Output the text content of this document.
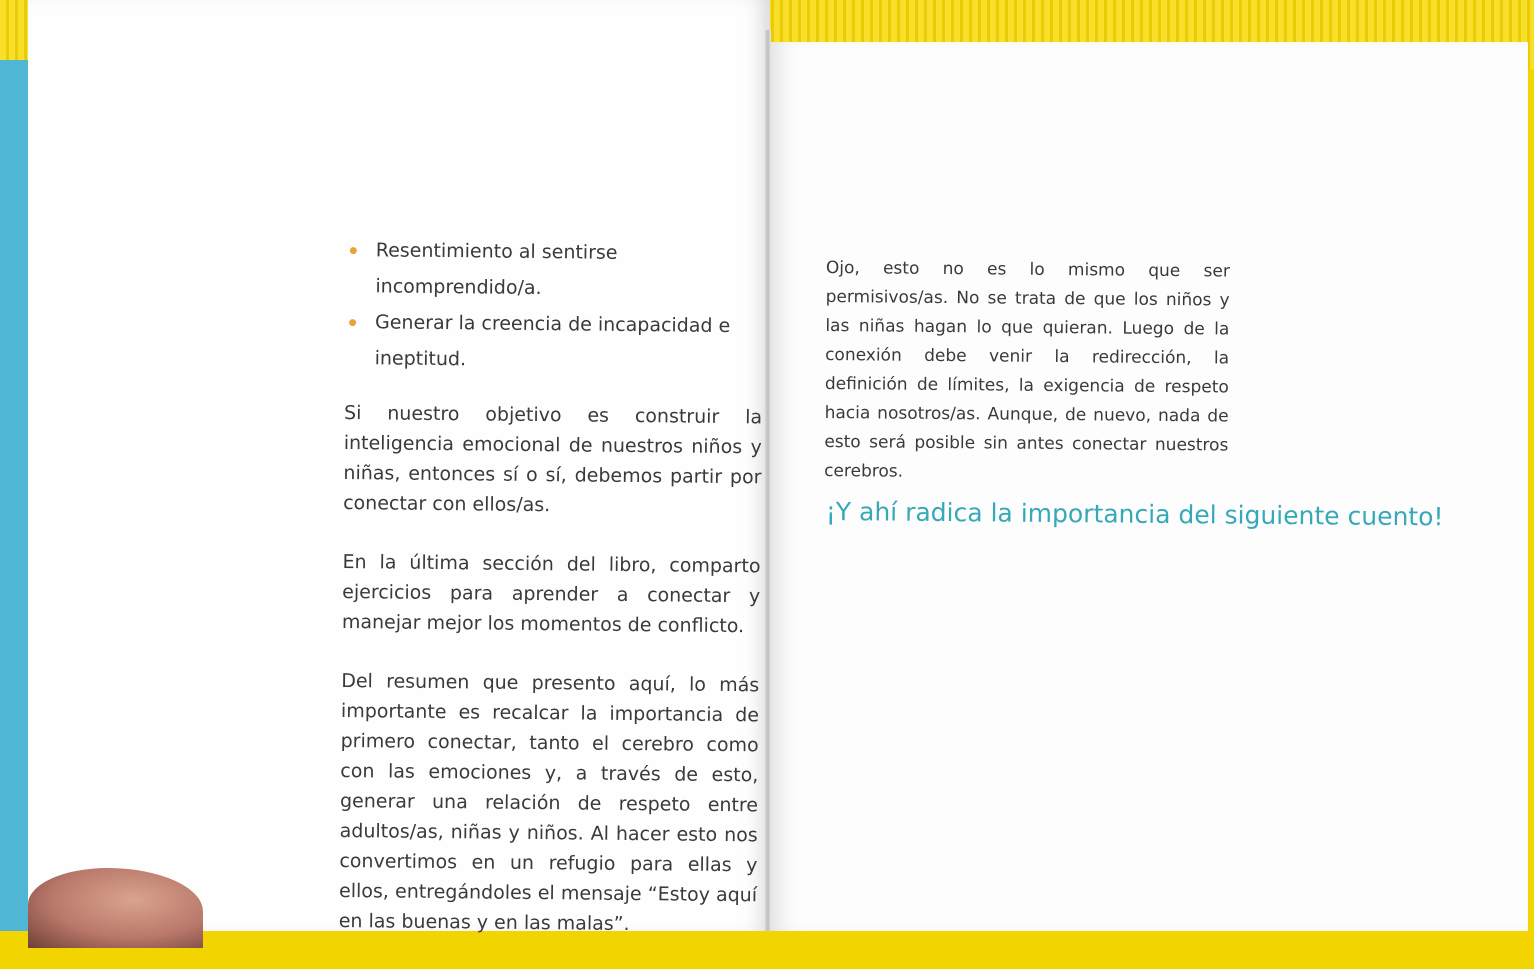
Resentimiento al sentirse incomprendido/a.
Generar la creencia de incapacidad e ineptitud.

Si nuestro objetivo es construir la inteligencia emocional de nuestros niños y niñas, entonces sí o sí, debemos partir por conectar con ellos/as.

En la última sección del libro, comparto ejercicios para aprender a conectar y manejar mejor los momentos de conflicto.

Del resumen que presento aquí, lo más importante es recalcar la importancia de primero conectar, tanto el cerebro como con las emociones y, a través de esto, generar una relación de respeto entre adultos/as, niñas y niños. Al hacer esto nos convertimos en un refugio para ellas y ellos, entregándoles el mensaje “Estoy aquí en las buenas y en las malas”.

Ojo, esto no es lo mismo que ser permisivos/as. No se trata de que los niños y las niñas hagan lo que quieran. Luego de la conexión debe venir la redirección, la definición de límites, la exigencia de respeto hacia nosotros/as. Aunque, de nuevo, nada de esto será posible sin antes conectar nuestros cerebros.

¡Y ahí radica la importancia del siguiente cuento!
